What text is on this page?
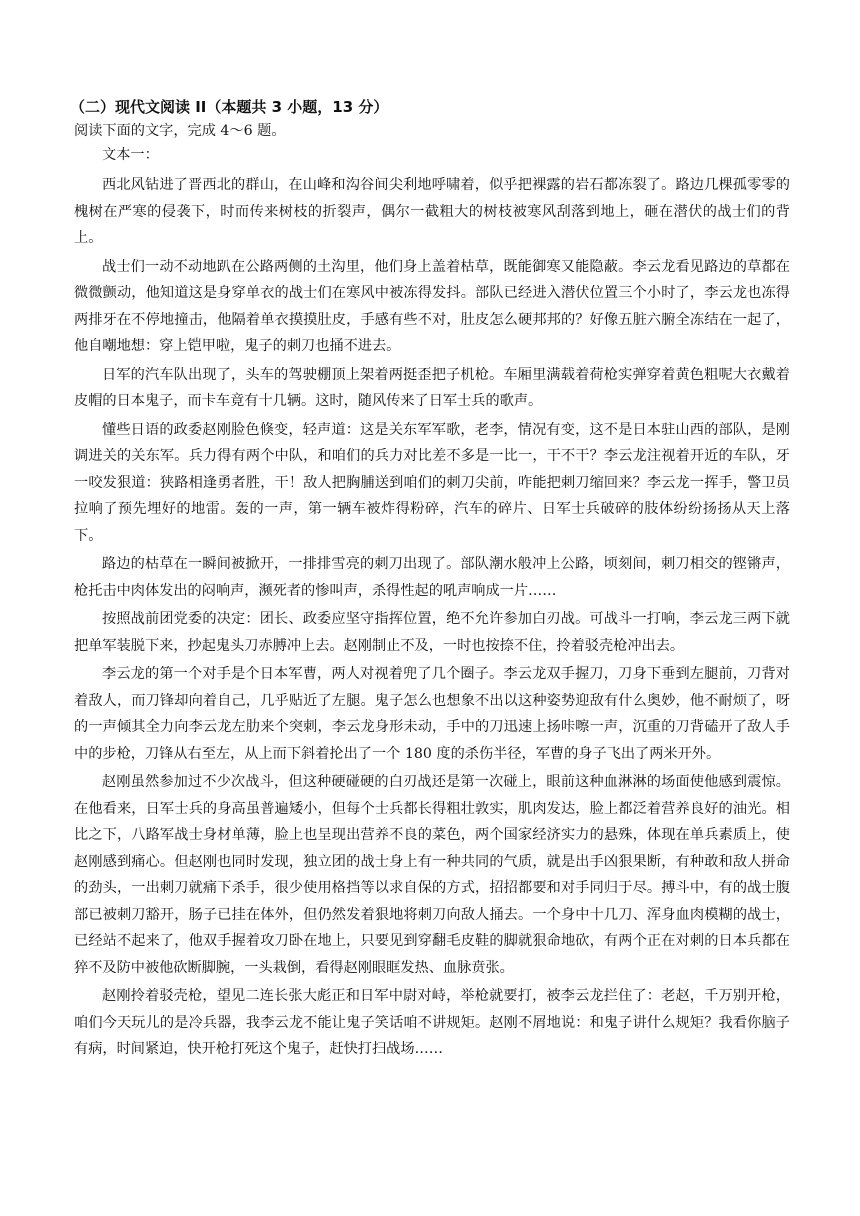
（二）现代文阅读 II（本题共 3 小题，13 分）

阅读下面的文字，完成 4～6 题。

文本一：

西北风钻进了晋西北的群山，在山峰和沟谷间尖利地呼啸着，似乎把裸露的岩石都冻裂了。路边几棵孤零零的槐树在严寒的侵袭下，时而传来树枝的折裂声，偶尔一截粗大的树枝被寒风刮落到地上，砸在潜伏的战士们的背上。

战士们一动不动地趴在公路两侧的土沟里，他们身上盖着枯草，既能御寒又能隐蔽。李云龙看见路边的草都在微微颤动，他知道这是身穿单衣的战士们在寒风中被冻得发抖。部队已经进入潜伏位置三个小时了，李云龙也冻得两排牙在不停地撞击，他隔着单衣摸摸肚皮，手感有些不对，肚皮怎么硬邦邦的？好像五脏六腑全冻结在一起了，他自嘲地想：穿上铠甲啦，鬼子的刺刀也捅不进去。

日军的汽车队出现了，头车的驾驶棚顶上架着两挺歪把子机枪。车厢里满载着荷枪实弹穿着黄色粗呢大衣戴着皮帽的日本鬼子，而卡车竟有十几辆。这时，随风传来了日军士兵的歌声。

懂些日语的政委赵刚脸色倏变，轻声道：这是关东军军歌，老李，情况有变，这不是日本驻山西的部队，是刚调进关的关东军。兵力得有两个中队，和咱们的兵力对比差不多是一比一，干不干？李云龙注视着开近的车队，牙一咬发狠道：狭路相逢勇者胜，干！敌人把胸脯送到咱们的刺刀尖前，咋能把刺刀缩回来？李云龙一挥手，警卫员拉响了预先埋好的地雷。轰的一声，第一辆车被炸得粉碎，汽车的碎片、日军士兵破碎的肢体纷纷扬扬从天上落下。

路边的枯草在一瞬间被掀开，一排排雪亮的刺刀出现了。部队潮水般冲上公路，顷刻间，刺刀相交的铿锵声，枪托击中肉体发出的闷响声，濒死者的惨叫声，杀得性起的吼声响成一片……

按照战前团党委的决定：团长、政委应坚守指挥位置，绝不允许参加白刃战。可战斗一打响，李云龙三两下就把单军装脱下来，抄起鬼头刀赤膊冲上去。赵刚制止不及，一时也按捺不住，拎着驳壳枪冲出去。

李云龙的第一个对手是个日本军曹，两人对视着兜了几个圈子。李云龙双手握刀，刀身下垂到左腿前，刀背对着敌人，而刀锋却向着自己，几乎贴近了左腿。鬼子怎么也想象不出以这种姿势迎敌有什么奥妙，他不耐烦了，呀的一声倾其全力向李云龙左肋来个突刺，李云龙身形未动，手中的刀迅速上扬咔嚓一声，沉重的刀背磕开了敌人手中的步枪，刀锋从右至左，从上而下斜着抡出了一个 180 度的杀伤半径，军曹的身子飞出了两米开外。

赵刚虽然参加过不少次战斗，但这种硬碰硬的白刃战还是第一次碰上，眼前这种血淋淋的场面使他感到震惊。在他看来，日军士兵的身高虽普遍矮小，但每个士兵都长得粗壮敦实，肌肉发达，脸上都泛着营养良好的油光。相比之下，八路军战士身材单薄，脸上也呈现出营养不良的菜色，两个国家经济实力的悬殊，体现在单兵素质上，使赵刚感到痛心。但赵刚也同时发现，独立团的战士身上有一种共同的气质，就是出手凶狠果断，有种敢和敌人拼命的劲头，一出刺刀就痛下杀手，很少使用格挡等以求自保的方式，招招都要和对手同归于尽。搏斗中，有的战士腹部已被刺刀豁开，肠子已挂在体外，但仍然发着狠地将刺刀向敌人捅去。一个身中十几刀、浑身血肉模糊的战士，已经站不起来了，他双手握着攻刀卧在地上，只要见到穿翻毛皮鞋的脚就狠命地砍，有两个正在对刺的日本兵都在猝不及防中被他砍断脚腕，一头栽倒，看得赵刚眼眶发热、血脉贲张。

赵刚拎着驳壳枪，望见二连长张大彪正和日军中尉对峙，举枪就要打，被李云龙拦住了：老赵，千万别开枪，咱们今天玩儿的是冷兵器，我李云龙不能让鬼子笑话咱不讲规矩。赵刚不屑地说：和鬼子讲什么规矩？我看你脑子有病，时间紧迫，快开枪打死这个鬼子，赶快打扫战场……
